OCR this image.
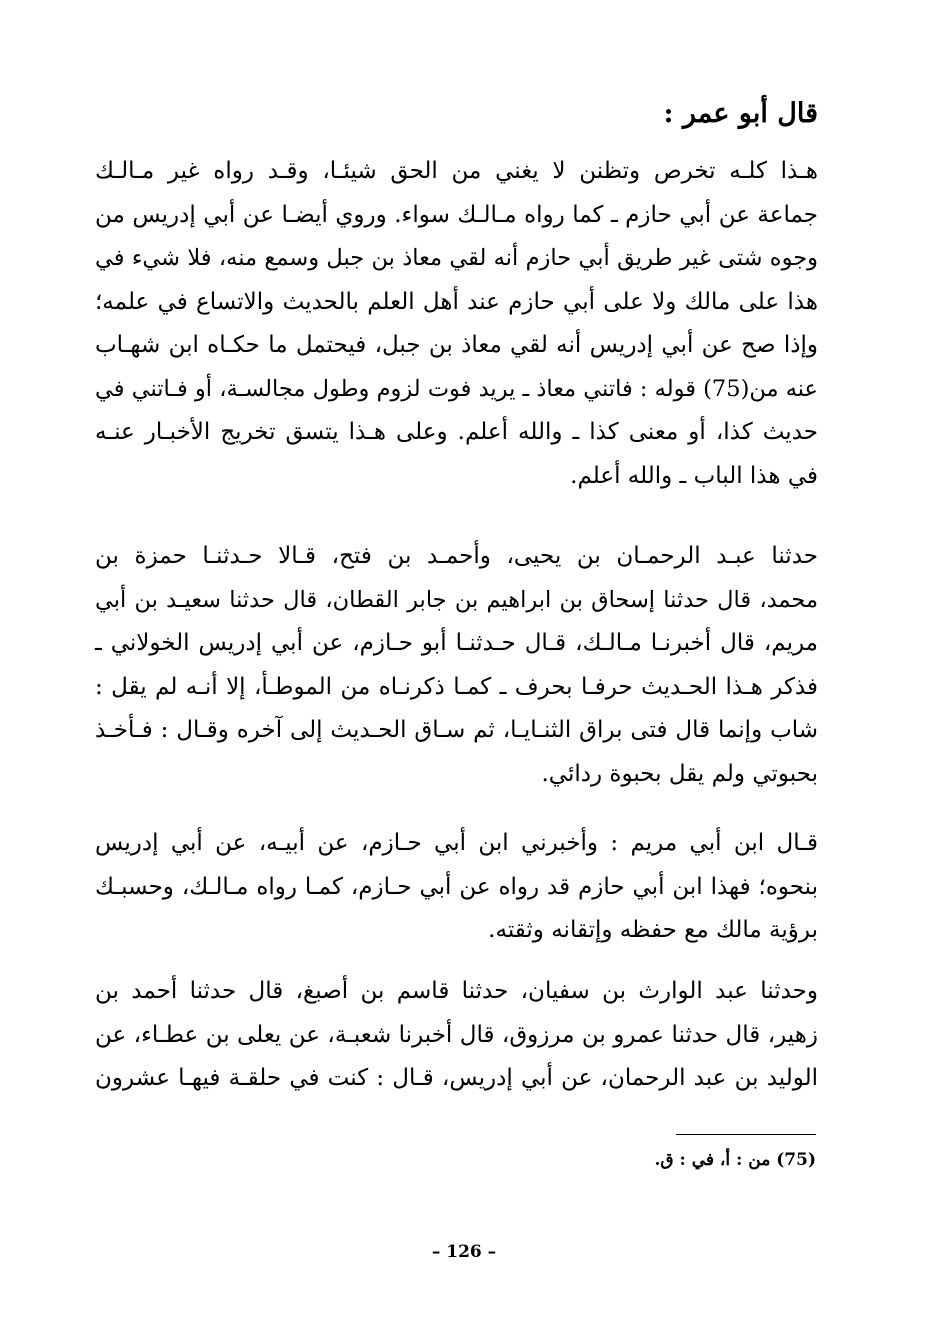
قال أبو عمر :
هـذا كلـه تخرص وتظنن لا يغني من الحق شيئـا، وقـد رواه غير مـالـك
جماعة عن أبي حازم ـ كما رواه مـالـك سواء. وروي أيضـا عن أبي إدريس من
وجوه شتى غير طريق أبي حازم أنه لقي معاذ بن جبل وسمع منه، فلا شيء في
هذا على مالك ولا على أبي حازم عند أهل العلم بالحديث والاتساع في علمه؛
وإذا صح عن أبي إدريس أنه لقي معاذ بن جبل، فيحتمل ما حكـاه ابن شهـاب
عنه من(75) قوله : فاتني معاذ ـ يريد فوت لزوم وطول مجالسـة، أو فـاتني في
حديث كذا، أو معنى كذا ـ والله أعلم. وعلى هـذا يتسق تخريج الأخبـار عنـه
في هذا الباب ـ والله أعلم.
حدثنا عبـد الرحمـان بن يحيى، وأحمـد بن فتح، قـالا حـدثنـا حمزة بن
محمد، قال حدثنا إسحاق بن ابراهيم بن جابر القطان، قال حدثنا سعيـد بن أبي
مريم، قال أخبرنـا مـالـك، قـال حـدثنـا أبو حـازم، عن أبي إدريس الخولاني ـ
فذكر هـذا الحـديث حرفـا بحرف ـ كمـا ذكرنـاه من الموطـأ، إلا أنـه لم يقل :
شاب وإنما قال فتى براق الثنـايـا، ثم سـاق الحـديث إلى آخره وقـال : فـأخـذ
بحبوتي ولم يقل بحبوة ردائي.
قـال ابن أبي مريم : وأخبرني ابن أبي حـازم، عن أبيـه، عن أبي إدريس
بنحوه؛ فهذا ابن أبي حازم قد رواه عن أبي حـازم، كمـا رواه مـالـك، وحسبـك
برؤية مالك مع حفظه وإتقانه وثقته.
وحدثنا عبد الوارث بن سفيان، حدثنا قاسم بن أصبغ، قال حدثنا أحمد بن
زهير، قال حدثنا عمرو بن مرزوق، قال أخبرنا شعبـة، عن يعلى بن عطـاء، عن
الوليد بن عبد الرحمان، عن أبي إدريس، قـال : كنت في حلقـة فيهـا عشرون
(75) من : أ، في : ق.
– 126 –
